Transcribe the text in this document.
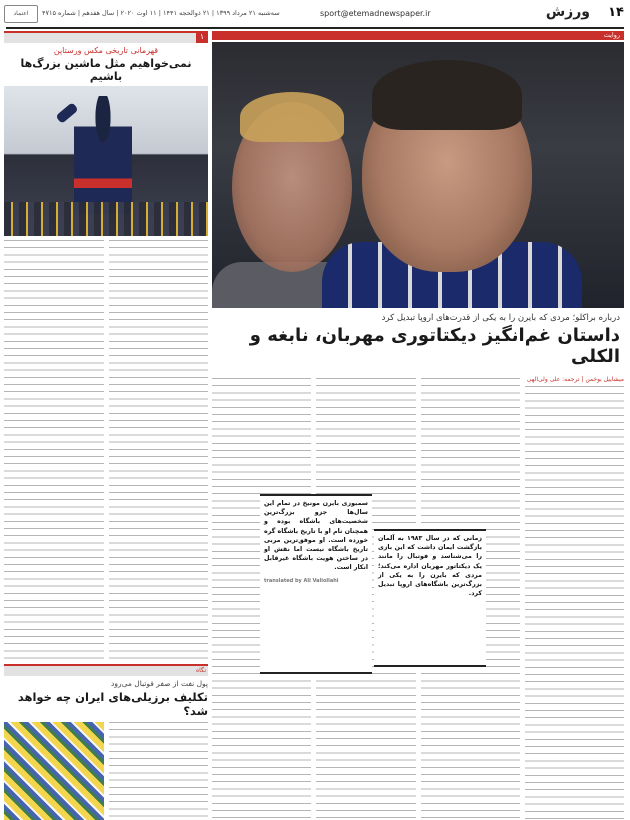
۱۴
ورزش
sport@etemadnewspaper.ir
سه‌شنبه ۲۱ مرداد ۱۳۹۹ | ۲۱ ذوالحجه ۱۴۴۱ | ۱۱ اوت ۲۰۲۰ | سال هفدهم | شماره ۴۷۱۵
اعتماد
۱
قهرمانی تاریخی مکس ورستاپن
نمی‌خواهیم مثل ماشین بزرگ‌ها باشیم
نگاه
پول نفت از صفر فوتبال می‌رود
تکلیف برزیلی‌های ایران چه خواهد شد؟
روایت
درباره براکلو؛ مردی که بایرن را به یکی از قدرت‌های اروپا تبدیل کرد
داستان غم‌انگیز دیکتاتوری مهربان، نابغه و الکلی
میشاییل بوخمن | ترجمه: علی ولی‌الهی
سمبوزی بایرن مونیخ در تمام این سال‌ها جزو بزرگ‌ترین شخصیت‌های باشگاه بوده و همچنان نام او با تاریخ باشگاه گره خورده است. او موفق‌ترین مربی تاریخ باشگاه نیست اما نقش او در ساختن هویت باشگاه غیرقابل انکار است.
translated by Ali Valiollahi
زمانی که در سال ۱۹۸۳ به آلمان بازگشت ایمان داشت که این بازی را می‌شناسد و فوتبال را مانند یک دیکتاتور مهربان اداره می‌کند؛ مردی که بایرن را به یکی از بزرگ‌ترین باشگاه‌های اروپا تبدیل کرد.
